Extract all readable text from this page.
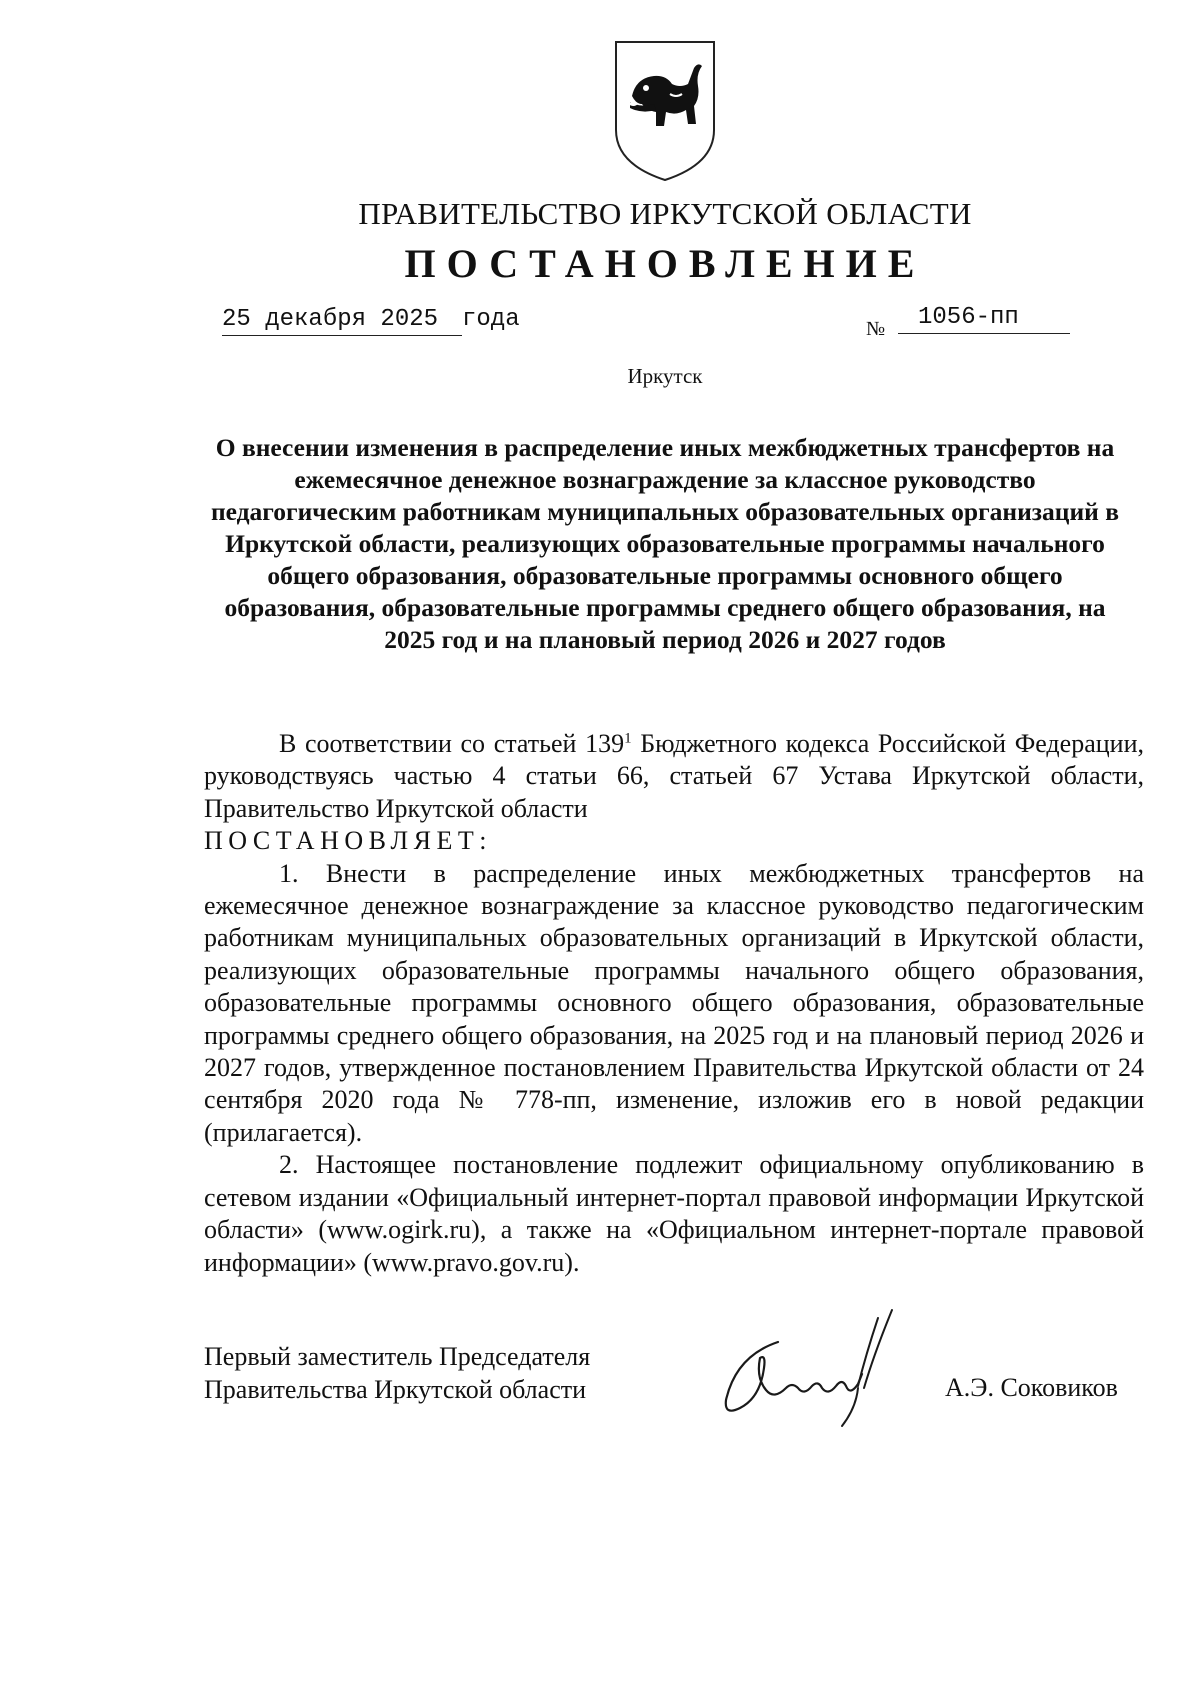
ПРАВИТЕЛЬСТВО ИРКУТСКОЙ ОБЛАСТИ
ПОСТАНОВЛЕНИЕ
25 декабря 2025 года	№	1056-пп
Иркутск
О внесении изменения в распределение иных межбюджетных трансфертов на ежемесячное денежное вознаграждение за классное руководство педагогическим работникам муниципальных образовательных организаций в Иркутской области, реализующих образовательные программы начального общего образования, образовательные программы основного общего образования, образовательные программы среднего общего образования, на 2025 год и на плановый период 2026 и 2027 годов

В соответствии со статьей $139^1$ Бюджетного кодекса Российской Федерации, руководствуясь частью 4 статьи 66, статьей 67 Устава Иркутской области, Правительство Иркутской области

ПОСТАНОВЛЯЕТ:

1. Внести в распределение иных межбюджетных трансфертов на ежемесячное денежное вознаграждение за классное руководство педагогическим работникам муниципальных образовательных организаций в Иркутской области, реализующих образовательные программы начального общего образования, образовательные программы основного общего образования, образовательные программы среднего общего образования, на 2025 год и на плановый период 2026 и 2027 годов, утвержденное постановлением Правительства Иркутской области от 24 сентября 2020 года № 778-пп, изменение, изложив его в новой редакции (прилагается).

2. Настоящее постановление подлежит официальному опубликованию в сетевом издании «Официальный интернет-портал правовой информации Иркутской области» (www.ogirk.ru), а также на «Официальном интернет-портале правовой информации» (www.pravo.gov.ru).

Первый заместитель Председателя
Правительства Иркутской области	А.Э. Соковиков
